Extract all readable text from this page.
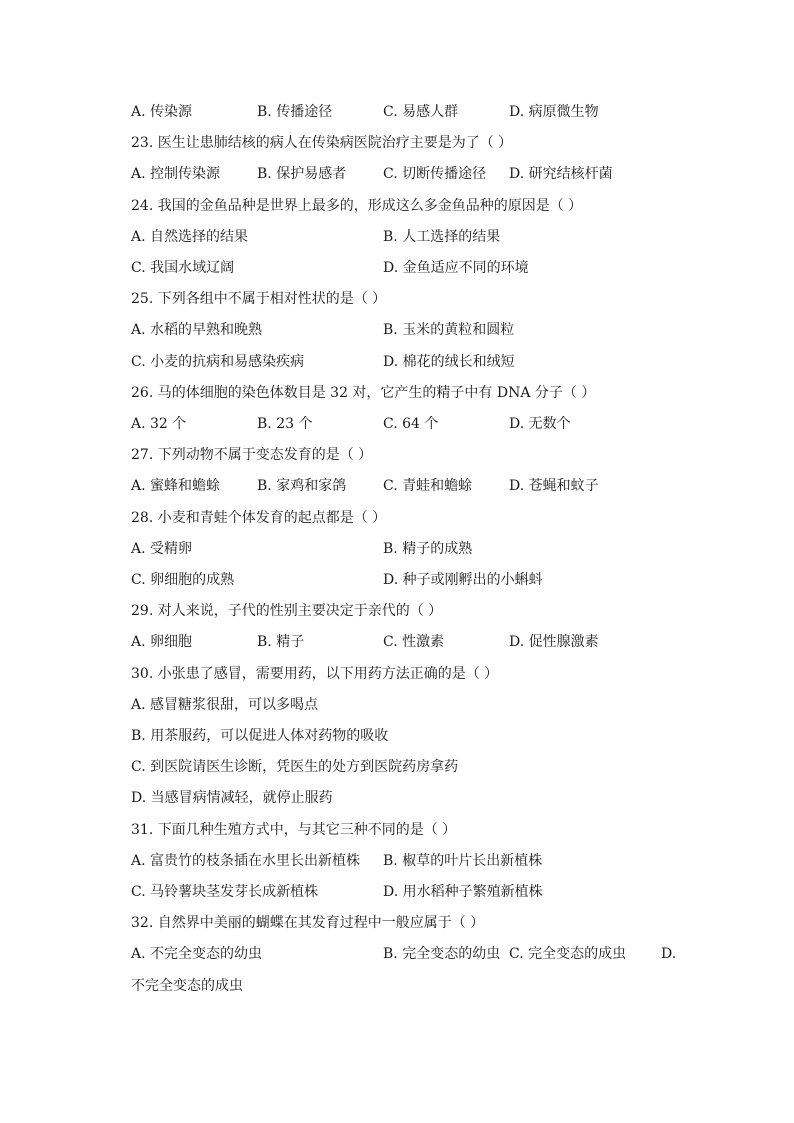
A. 传染源	B. 传播途径	C. 易感人群	D. 病原微生物
23. 医生让患肺结核的病人在传染病医院治疗主要是为了（ ）
A. 控制传染源	B. 保护易感者	C. 切断传播途径 D. 研究结核杆菌
24. 我国的金鱼品种是世界上最多的，形成这么多金鱼品种的原因是（ ）
A. 自然选择的结果	B. 人工选择的结果
C. 我国水域辽阔	D. 金鱼适应不同的环境
25. 下列各组中不属于相对性状的是（ ）
A. 水稻的早熟和晚熟	B. 玉米的黄粒和圆粒
C. 小麦的抗病和易感染疾病	D. 棉花的绒长和绒短
26. 马的体细胞的染色体数目是 32 对，它产生的精子中有 DNA 分子（ ）
A. 32 个	B. 23 个	C. 64 个	D. 无数个
27. 下列动物不属于变态发育的是（ ）
A. 蜜蜂和蟾蜍	B. 家鸡和家鸽	C. 青蛙和蟾蜍	D. 苍蝇和蚊子
28. 小麦和青蛙个体发育的起点都是（ ）
A. 受精卵	B. 精子的成熟
C. 卵细胞的成熟	D. 种子或刚孵出的小蝌蚪
29. 对人来说，子代的性别主要决定于亲代的（ ）
A. 卵细胞	B. 精子	C. 性激素	D. 促性腺激素
30. 小张患了感冒，需要用药，以下用药方法正确的是（ ）
A. 感冒糖浆很甜，可以多喝点
B. 用茶服药，可以促进人体对药物的吸收
C. 到医院请医生诊断，凭医生的处方到医院药房拿药
D. 当感冒病情减轻，就停止服药
31. 下面几种生殖方式中，与其它三种不同的是（ ）
A. 富贵竹的枝条插在水里长出新植株 B. 椒草的叶片长出新植株
C. 马铃薯块茎发芽长成新植株	D. 用水稻种子繁殖新植株
32. 自然界中美丽的蝴蝶在其发育过程中一般应属于（ ）
A. 不完全变态的幼虫	B. 完全变态的幼虫 C. 完全变态的成虫 D.
不完全变态的成虫
